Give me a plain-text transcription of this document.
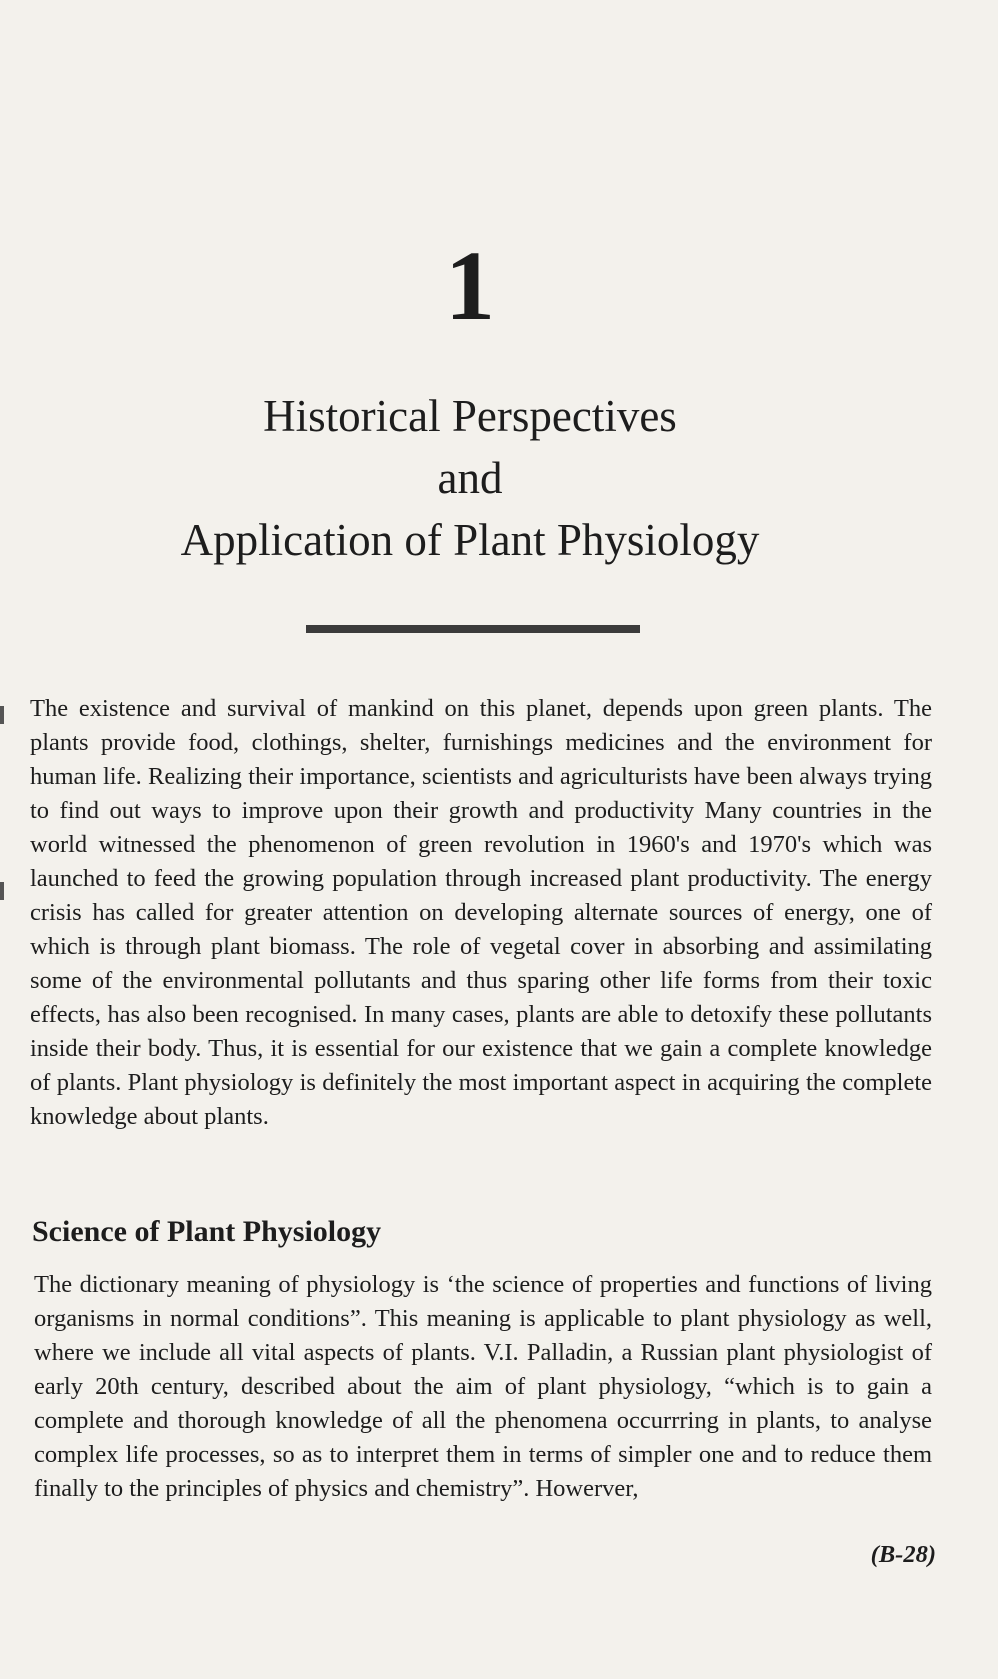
1
Historical Perspectives
and
Application of Plant Physiology

The existence and survival of mankind on this planet, depends upon green plants. The plants provide food, clothings, shelter, furnishings medicines and the environment for human life. Realizing their importance, scientists and agriculturists have been always trying to find out ways to improve upon their growth and productivity Many countries in the world witnessed the phenomenon of green revolution in 1960's and 1970's which was launched to feed the growing population through increased plant productivity. The energy crisis has called for greater attention on developing alternate sources of energy, one of which is through plant biomass. The role of vegetal cover in absorbing and assimilating some of the environmental pollutants and thus sparing other life forms from their toxic effects, has also been recognised. In many cases, plants are able to detoxify these pollutants inside their body. Thus, it is essential for our existence that we gain a complete knowledge of plants. Plant physiology is definitely the most important aspect in acquiring the complete knowledge about plants.

Science of Plant Physiology

The dictionary meaning of physiology is ‘the science of properties and functions of living organisms in normal conditions”. This meaning is applicable to plant physiology as well, where we include all vital aspects of plants. V.I. Palladin, a Russian plant physiologist of early 20th century, described about the aim of plant physiology, “which is to gain a complete and thorough knowledge of all the phenomena occurrring in plants, to analyse complex life processes, so as to interpret them in terms of simpler one and to reduce them finally to the principles of physics and chemistry”. Howerver,

(B-28)
